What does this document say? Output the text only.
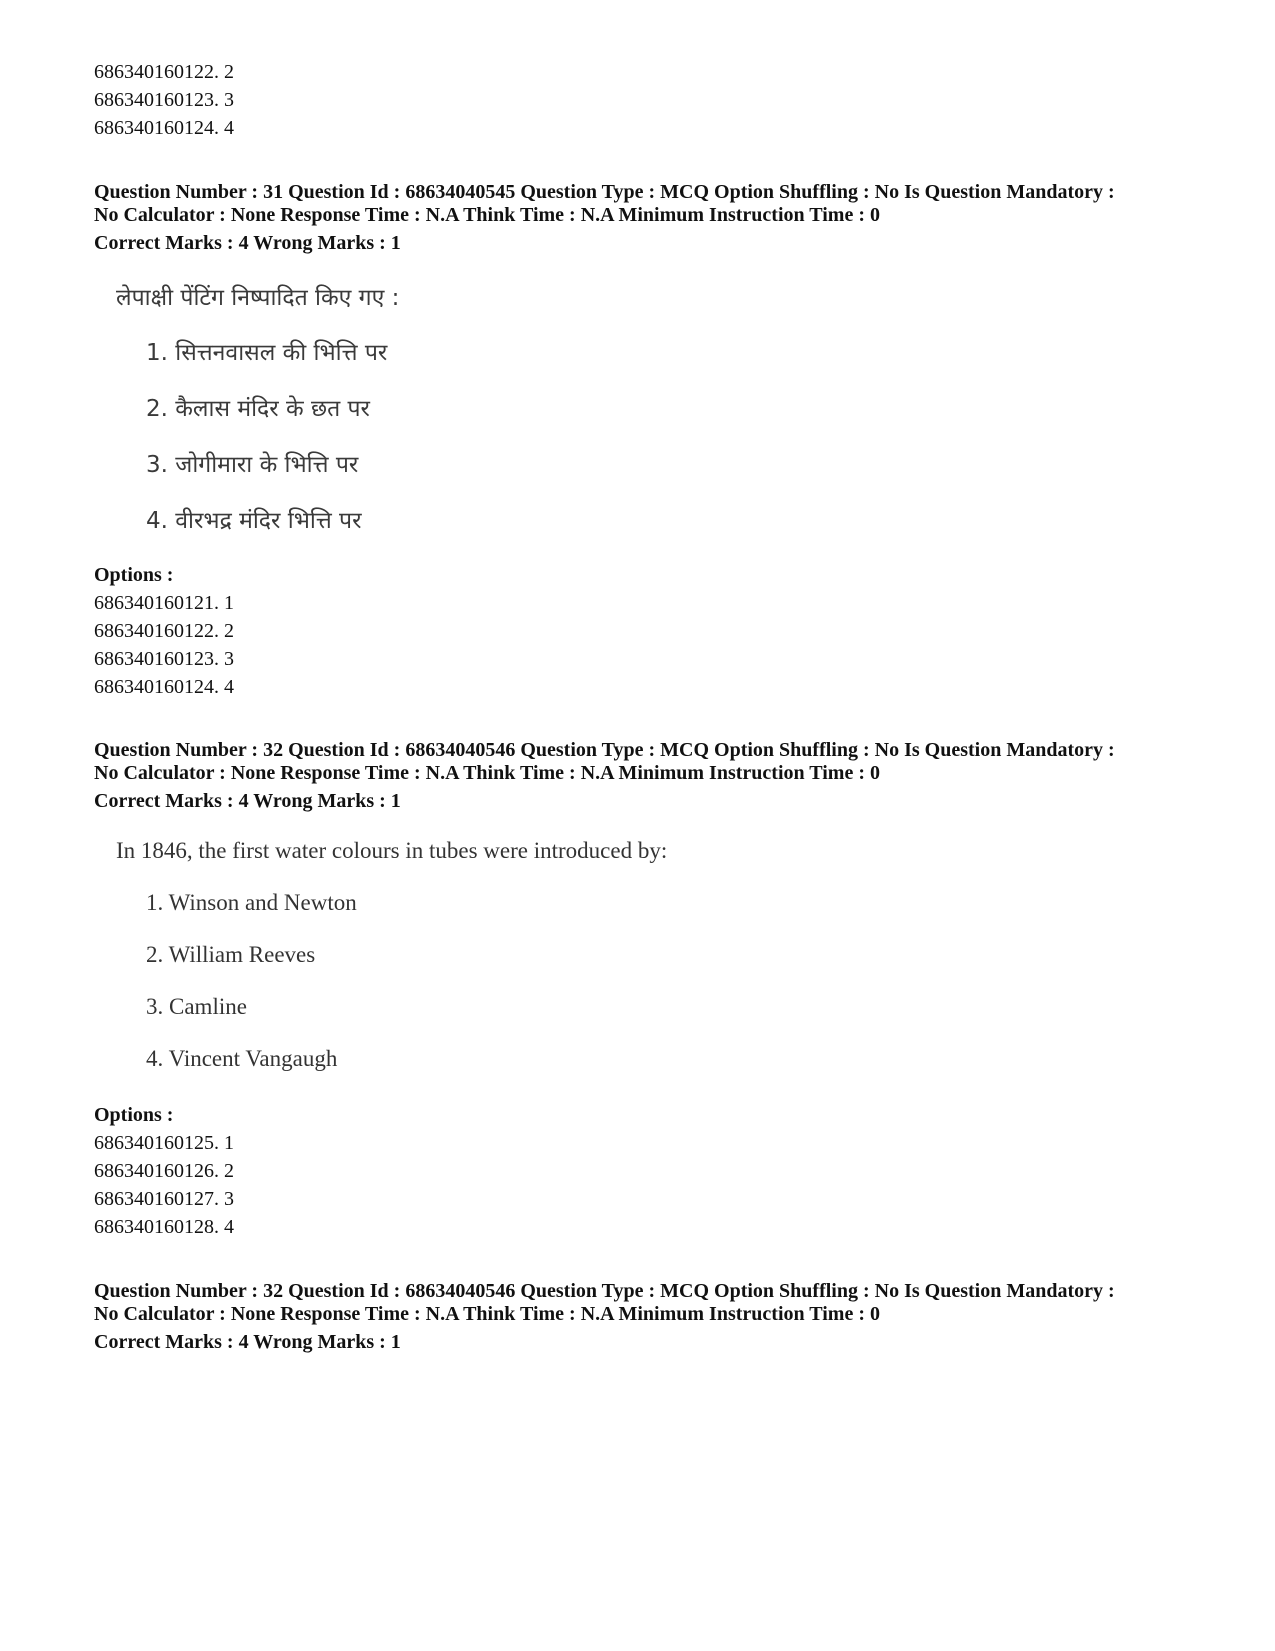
686340160122. 2
686340160123. 3
686340160124. 4
Question Number : 31 Question Id : 68634040545 Question Type : MCQ Option Shuffling : No Is Question Mandatory :
No Calculator : None Response Time : N.A Think Time : N.A Minimum Instruction Time : 0
Correct Marks : 4 Wrong Marks : 1
लेपाक्षी पेंटिंग निष्पादित किए गए :
1. सित्तनवासल की भित्ति पर
2. कैलास मंदिर के छत पर
3. जोगीमारा के भित्ति पर
4. वीरभद्र मंदिर भित्ति पर
Options :
686340160121. 1
686340160122. 2
686340160123. 3
686340160124. 4
Question Number : 32 Question Id : 68634040546 Question Type : MCQ Option Shuffling : No Is Question Mandatory :
No Calculator : None Response Time : N.A Think Time : N.A Minimum Instruction Time : 0
Correct Marks : 4 Wrong Marks : 1
In 1846, the first water colours in tubes were introduced by:
1. Winson and Newton
2. William Reeves
3. Camline
4. Vincent Vangaugh
Options :
686340160125. 1
686340160126. 2
686340160127. 3
686340160128. 4
Question Number : 32 Question Id : 68634040546 Question Type : MCQ Option Shuffling : No Is Question Mandatory :
No Calculator : None Response Time : N.A Think Time : N.A Minimum Instruction Time : 0
Correct Marks : 4 Wrong Marks : 1
